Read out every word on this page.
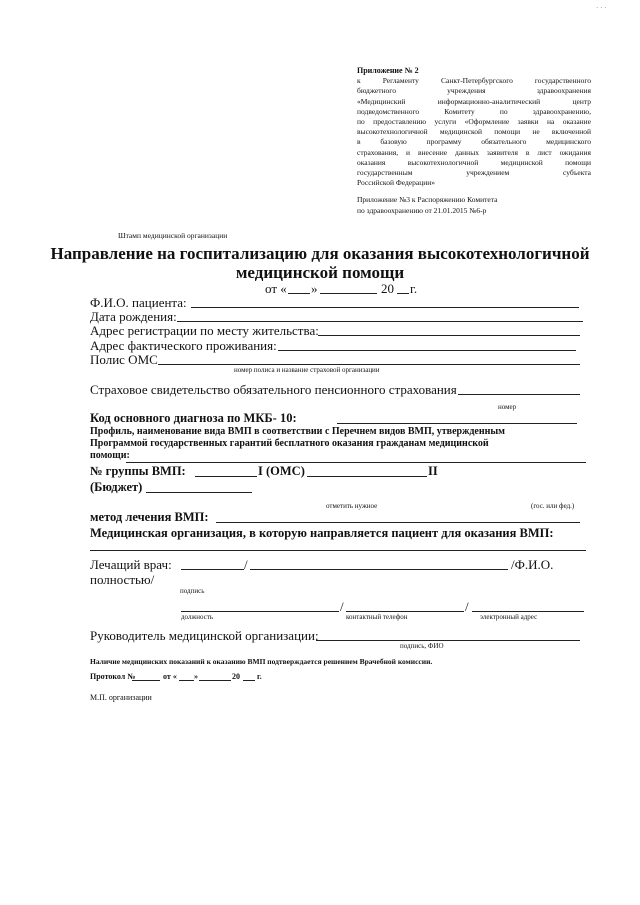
· · ·

Приложение № 2

к Регламенту Санкт-Петербургского государственного

бюджетного учреждения здравоохранения

«Медицинский информационно-аналитический центр

подведомственного Комитету по здравоохранению,

по предоставлению услуги «Оформление заявки на оказание

высокотехнологичной медицинской помощи не включенной

в базовую программу обязательного медицинского

страхования, и внесение данных заявителя в лист ожидания

оказания высокотехнологичной медицинской помощи

государственным учреждением субъекта

Российской Федерации»

Приложение №3 к Распоряжению Комитета
по здравоохранению от 21.01.2015 №6-р
Штамп медицинской организации
Направление на госпитализацию для оказания высокотехнологичной
медицинской помощи
от « »	20 г.
Ф.И.О. пациента:
Дата рождения:
Адрес регистрации по месту жительства:
Адрес фактического проживания:
Полис ОМС
номер полиса и название страховой организации
Страховое свидетельство обязательного пенсионного страхования
номер
Код основного диагноза по МКБ- 10:
Профиль, наименование вида ВМП в соответствии с Перечнем видов ВМП, утвержденным
Программой государственных гарантий бесплатного оказания гражданам медицинской
помощи:
№ группы ВМП:	I (ОМС)	II
(Бюджет)
отметить нужное	(гос. или фед.)
метод лечения ВМП:
Медицинская организация, в которую направляется пациент для оказания ВМП:
Лечащий врач:	/	/Ф.И.О.
полностью/
подпись
/	/
должность	контактный телефон	электронный адрес
Руководитель медицинской организации:
подпись, ФИО
Наличие медицинских показаний к оказанию ВМП подтверждается решением Врачебной комиссии.
Протокол №	от « »	20 г.
М.П. организации
